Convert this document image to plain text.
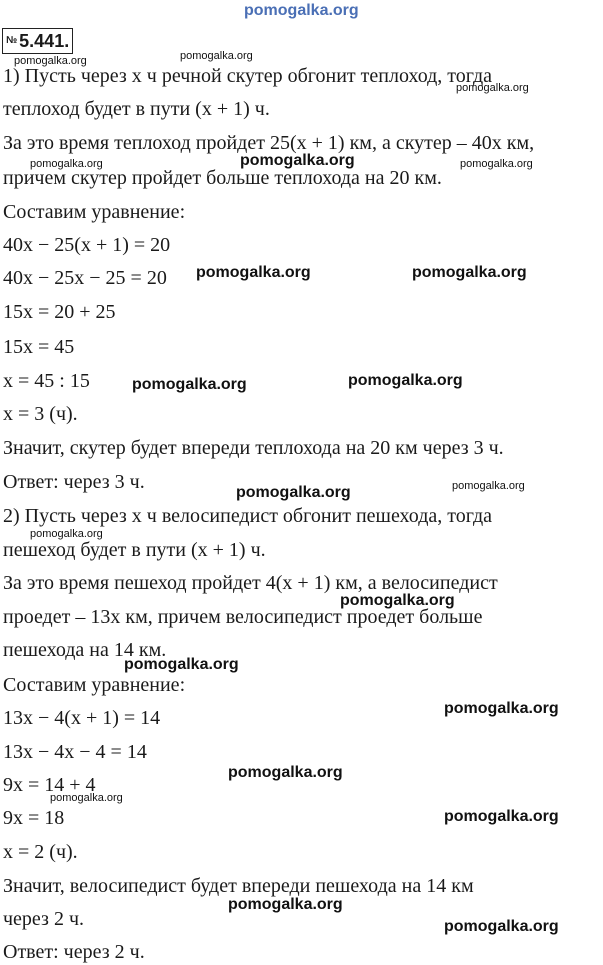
pomogalka.org
№ 5.441.
1) Пусть через x ч речной скутер обгонит теплоход, тогда
теплоход будет в пути (x + 1) ч.
За это время теплоход пройдет 25(x + 1) км, а скутер – 40x км,
причем скутер пройдет больше теплохода на 20 км.
Составим уравнение:
40x − 25(x + 1) = 20
40x − 25x − 25 = 20
15x = 20 + 25
15x = 45
x = 45 : 15
x = 3 (ч).
Значит, скутер будет впереди теплохода на 20 км через 3 ч.
Ответ: через 3 ч.
2) Пусть через x ч велосипедист обгонит пешехода, тогда
пешеход будет в пути (x + 1) ч.
За это время пешеход пройдет 4(x + 1) км, а велосипедист
проедет – 13x км, причем велосипедист проедет больше
пешехода на 14 км.
Составим уравнение:
13x − 4(x + 1) = 14
13x − 4x − 4 = 14
9x = 14 + 4
9x = 18
x = 2 (ч).
Значит, велосипедист будет впереди пешехода на 14 км
через 2 ч.
Ответ: через 2 ч.
pomogalka.org	pomogalka.org
pomogalka.org
pomogalka.org	pomogalka.org	pomogalka.org
pomogalka.org	pomogalka.org
pomogalka.org	pomogalka.org
pomogalka.org	pomogalka.org
pomogalka.org
pomogalka.org
pomogalka.org
pomogalka.org
pomogalka.org
pomogalka.org
pomogalka.org
pomogalka.org
pomogalka.org
